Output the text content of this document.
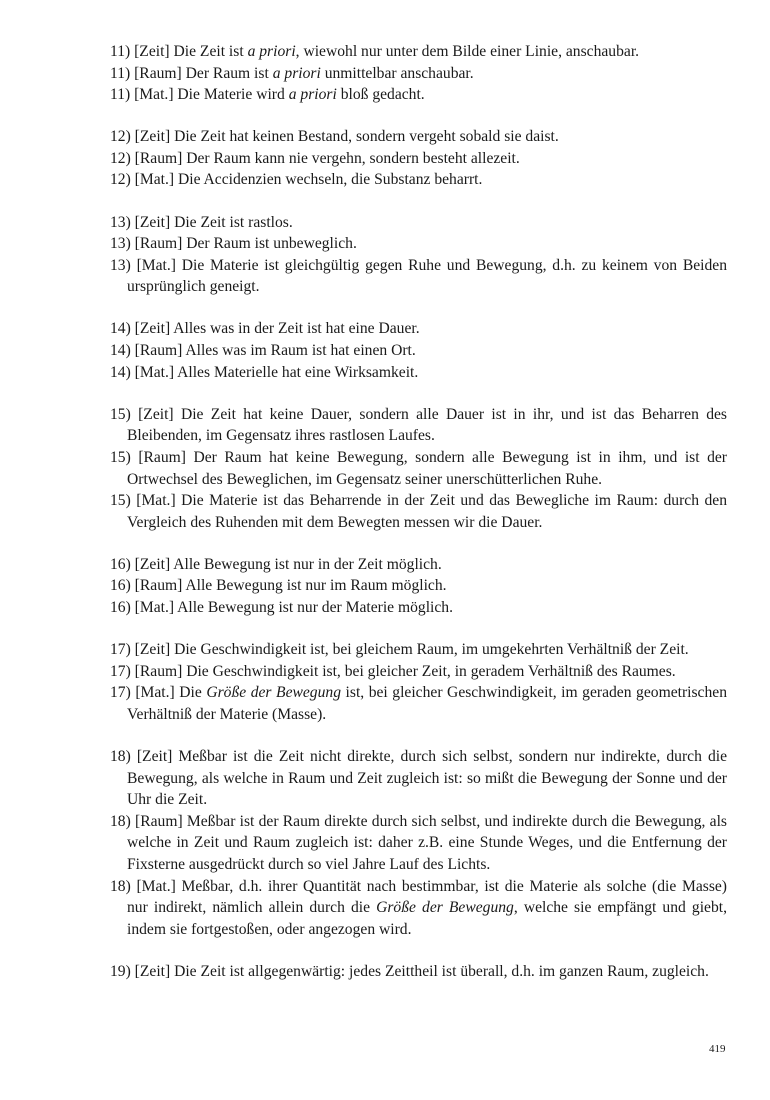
11) [Zeit] Die Zeit ist a priori, wiewohl nur unter dem Bilde einer Linie, anschaubar.

11) [Raum] Der Raum ist a priori unmittelbar anschaubar.

11) [Mat.] Die Materie wird a priori bloß gedacht.

12) [Zeit] Die Zeit hat keinen Bestand, sondern vergeht sobald sie daist.

12) [Raum] Der Raum kann nie vergehn, sondern besteht allezeit.

12) [Mat.] Die Accidenzien wechseln, die Substanz beharrt.

13) [Zeit] Die Zeit ist rastlos.

13) [Raum] Der Raum ist unbeweglich.

13) [Mat.] Die Materie ist gleichgültig gegen Ruhe und Bewegung, d.h. zu keinem von Beiden ursprünglich geneigt.

14) [Zeit] Alles was in der Zeit ist hat eine Dauer.

14) [Raum] Alles was im Raum ist hat einen Ort.

14) [Mat.] Alles Materielle hat eine Wirksamkeit.

15) [Zeit] Die Zeit hat keine Dauer, sondern alle Dauer ist in ihr, und ist das Beharren des Bleibenden, im Gegensatz ihres rastlosen Laufes.

15) [Raum] Der Raum hat keine Bewegung, sondern alle Bewegung ist in ihm, und ist der Ortwechsel des Beweglichen, im Gegensatz seiner unerschütterlichen Ruhe.

15) [Mat.] Die Materie ist das Beharrende in der Zeit und das Bewegliche im Raum: durch den Vergleich des Ruhenden mit dem Bewegten messen wir die Dauer.

16) [Zeit] Alle Bewegung ist nur in der Zeit möglich.

16) [Raum] Alle Bewegung ist nur im Raum möglich.

16) [Mat.] Alle Bewegung ist nur der Materie möglich.

17) [Zeit] Die Geschwindigkeit ist, bei gleichem Raum, im umgekehrten Verhältniß der Zeit.

17) [Raum] Die Geschwindigkeit ist, bei gleicher Zeit, in geradem Verhältniß des Raumes.

17) [Mat.] Die Größe der Bewegung ist, bei gleicher Geschwindigkeit, im geraden geometrischen Verhältniß der Materie (Masse).

18) [Zeit] Meßbar ist die Zeit nicht direkte, durch sich selbst, sondern nur indirekte, durch die Bewegung, als welche in Raum und Zeit zugleich ist: so mißt die Bewegung der Sonne und der Uhr die Zeit.

18) [Raum] Meßbar ist der Raum direkte durch sich selbst, und indirekte durch die Bewegung, als welche in Zeit und Raum zugleich ist: daher z.B. eine Stunde Weges, und die Entfernung der Fixsterne ausgedrückt durch so viel Jahre Lauf des Lichts.

18) [Mat.] Meßbar, d.h. ihrer Quantität nach bestimmbar, ist die Materie als solche (die Masse) nur indirekt, nämlich allein durch die Größe der Bewegung, welche sie empfängt und giebt, indem sie fortgestoßen, oder angezogen wird.

19) [Zeit] Die Zeit ist allgegenwärtig: jedes Zeittheil ist überall, d.h. im ganzen Raum, zugleich.

419
